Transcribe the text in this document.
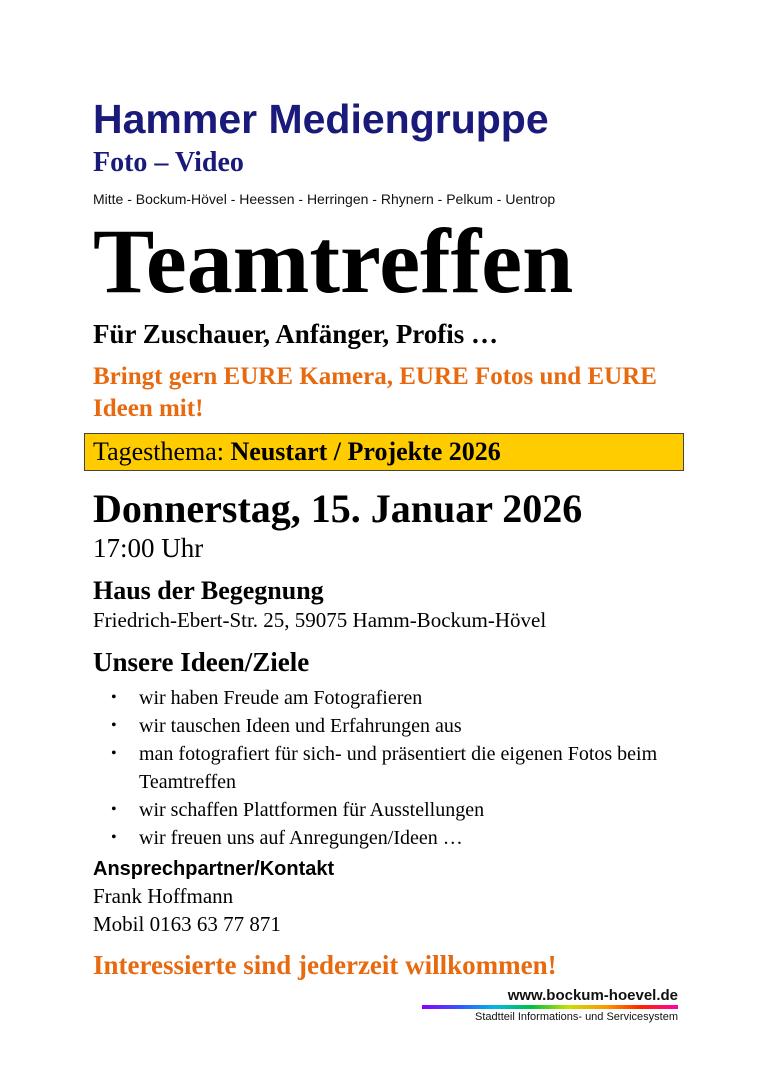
Hammer Mediengruppe
Foto – Video
Mitte - Bockum-Hövel - Heessen - Herringen - Rhynern - Pelkum - Uentrop
Teamtreffen
Für Zuschauer, Anfänger, Profis …
Bringt gern EURE Kamera, EURE Fotos und EURE Ideen mit!
Tagesthema: Neustart / Projekte 2026
Donnerstag, 15. Januar 2026
17:00 Uhr
Haus der Begegnung
Friedrich-Ebert-Str. 25, 59075 Hamm-Bockum-Hövel
Unsere Ideen/Ziele
• wir haben Freude am Fotografieren
• wir tauschen Ideen und Erfahrungen aus
• man fotografiert für sich- und präsentiert die eigenen Fotos beim Teamtreffen
• wir schaffen Plattformen für Ausstellungen
• wir freuen uns auf Anregungen/Ideen …
Ansprechpartner/Kontakt
Frank Hoffmann
Mobil 0163 63 77 871
Interessierte sind jederzeit willkommen!
www.bockum-hoevel.de
Stadtteil Informations- und Servicesystem
